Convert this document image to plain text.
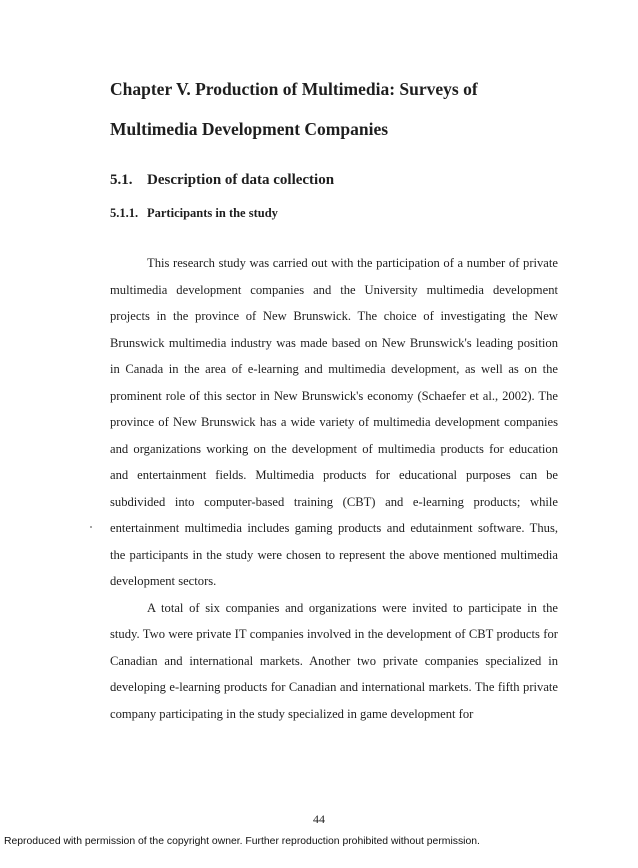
Chapter V. Production of Multimedia: Surveys of
Multimedia Development Companies
5.1. Description of data collection
5.1.1. Participants in the study

This research study was carried out with the participation of a number of private multimedia development companies and the University multimedia development projects in the province of New Brunswick. The choice of investigating the New Brunswick multimedia industry was made based on New Brunswick's leading position in Canada in the area of e-learning and multimedia development, as well as on the prominent role of this sector in New Brunswick's economy (Schaefer et al., 2002). The province of New Brunswick has a wide variety of multimedia development companies and organizations working on the development of multimedia products for education and entertainment fields. Multimedia products for educational purposes can be subdivided into computer-based training (CBT) and e-learning products; while entertainment multimedia includes gaming products and edutainment software. Thus, the participants in the study were chosen to represent the above mentioned multimedia development sectors.

A total of six companies and organizations were invited to participate in the study. Two were private IT companies involved in the development of CBT products for Canadian and international markets. Another two private companies specialized in developing e-learning products for Canadian and international markets. The fifth private company participating in the study specialized in game development for

44
Reproduced with permission of the copyright owner. Further reproduction prohibited without permission.
